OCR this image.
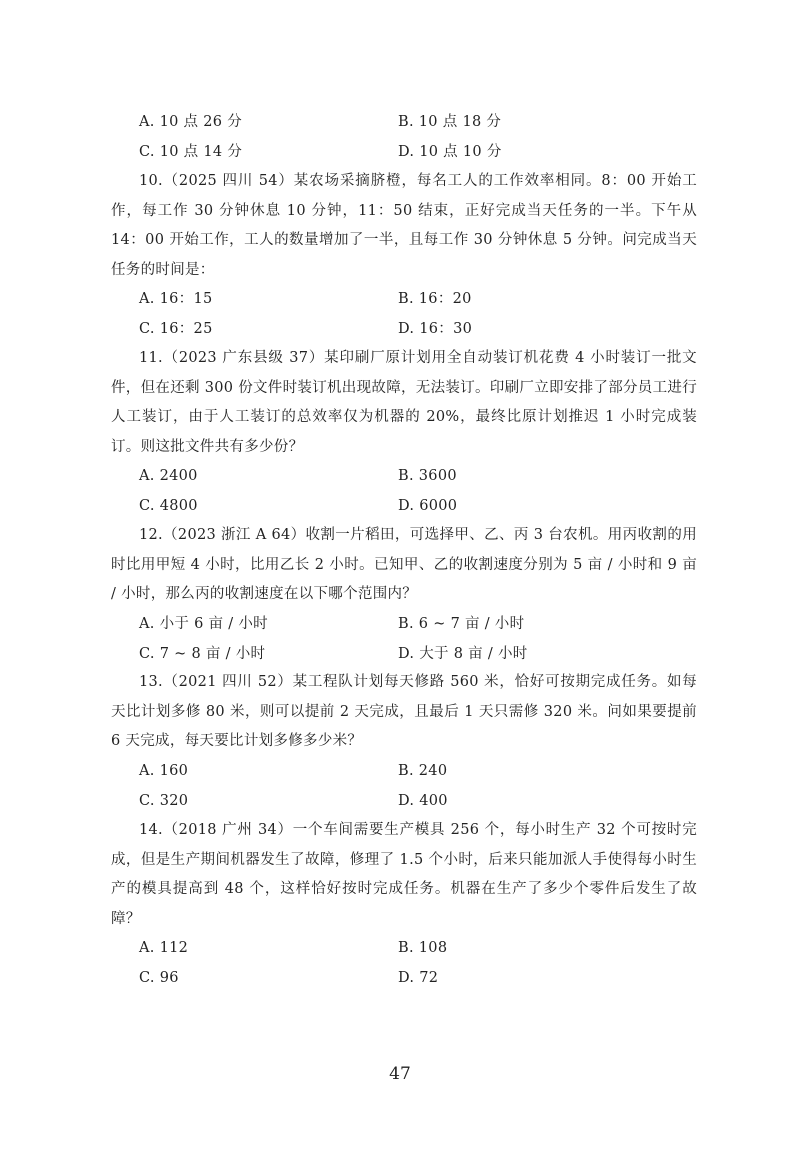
A. 10 点 26 分	B. 10 点 18 分
C. 10 点 14 分	D. 10 点 10 分
10.（2025 四川 54）某农场采摘脐橙，每名工人的工作效率相同。8：00 开始工作，每工作 30 分钟休息 10 分钟，11：50 结束，正好完成当天任务的一半。下午从 14：00 开始工作，工人的数量增加了一半，且每工作 30 分钟休息 5 分钟。问完成当天任务的时间是：
A. 16：15	B. 16：20
C. 16：25	D. 16：30
11.（2023 广东县级 37）某印刷厂原计划用全自动装订机花费 4 小时装订一批文件，但在还剩 300 份文件时装订机出现故障，无法装订。印刷厂立即安排了部分员工进行人工装订，由于人工装订的总效率仅为机器的 20%，最终比原计划推迟 1 小时完成装订。则这批文件共有多少份？
A. 2400	B. 3600
C. 4800	D. 6000
12.（2023 浙江 A 64）收割一片稻田，可选择甲、乙、丙 3 台农机。用丙收割的用时比用甲短 4 小时，比用乙长 2 小时。已知甲、乙的收割速度分别为 5 亩 / 小时和 9 亩 / 小时，那么丙的收割速度在以下哪个范围内？
A. 小于 6 亩 / 小时	B. 6 ~ 7 亩 / 小时
C. 7 ~ 8 亩 / 小时	D. 大于 8 亩 / 小时
13.（2021 四川 52）某工程队计划每天修路 560 米，恰好可按期完成任务。如每天比计划多修 80 米，则可以提前 2 天完成，且最后 1 天只需修 320 米。问如果要提前 6 天完成，每天要比计划多修多少米？
A. 160	B. 240
C. 320	D. 400
14.（2018 广州 34）一个车间需要生产模具 256 个，每小时生产 32 个可按时完成，但是生产期间机器发生了故障，修理了 1.5 个小时，后来只能加派人手使得每小时生产的模具提高到 48 个，这样恰好按时完成任务。机器在生产了多少个零件后发生了故障？
A. 112	B. 108
C. 96	D. 72
47
